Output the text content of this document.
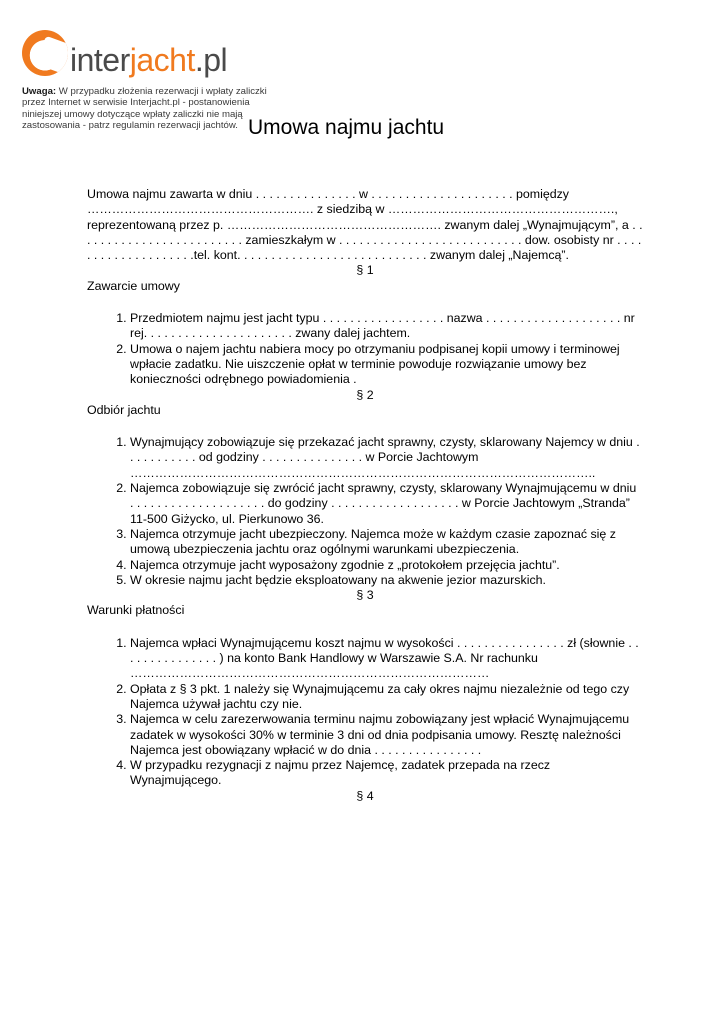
interjacht.pl
Uwaga: W przypadku złożenia rezerwacji i wpłaty zaliczki przez Internet w serwisie Interjacht.pl - postanowienia niniejszej umowy dotyczące wpłaty zaliczki nie mają zastosowania - patrz regulamin rezerwacji jachtów. Umowa najmu jachtu

Umowa najmu zawarta w dniu . . . . . . . . . . . . . . . w . . . . . . . . . . . . . . . . . . . . . pomiędzy ………………………………………………. z siedzibą w ………………………………………………., reprezentowaną przez p. ……………………………………………. zwanym dalej „Wynajmującym”, a . . . . . . . . . . . . . . . . . . . . . . . . . zamieszkałym w . . . . . . . . . . . . . . . . . . . . . . . . . . . dow. osobisty nr . . . . . . . . . . . . . . . . . . . .tel. kont. . . . . . . . . . . . . . . . . . . . . . . . . . . . zwanym dalej „Najemcą”.

§ 1

Zawarcie umowy

1. Przedmiotem najmu jest jacht typu . . . . . . . . . . . . . . . . . . nazwa . . . . . . . . . . . . . . . . . . . . nr rej. . . . . . . . . . . . . . . . . . . . . . zwany dalej jachtem.
2. Umowa o najem jachtu nabiera mocy po otrzymaniu podpisanej kopii umowy i terminowej wpłacie zadatku. Nie uiszczenie opłat w terminie powoduje rozwiązanie umowy bez konieczności odrębnego powiadomienia .

§ 2

Odbiór jachtu

1. Wynajmujący zobowiązuje się przekazać jacht sprawny, czysty, sklarowany Najemcy w dniu . . . . . . . . . . . od godziny . . . . . . . . . . . . . . . w Porcie Jachtowym …………………………………………………………………………………………………..
2. Najemca zobowiązuje się zwrócić jacht sprawny, czysty, sklarowany Wynajmującemu w dniu . . . . . . . . . . . . . . . . . . . . do godziny . . . . . . . . . . . . . . . . . . . w Porcie Jachtowym „Stranda” 11-500 Giżycko, ul. Pierkunowo 36.
3. Najemca otrzymuje jacht ubezpieczony. Najemca może w każdym czasie zapoznać się z umową ubezpieczenia jachtu oraz ogólnymi warunkami ubezpieczenia.
4. Najemca otrzymuje jacht wyposażony zgodnie z „protokołem przejęcia jachtu”.
5. W okresie najmu jacht będzie eksploatowany na akwenie jezior mazurskich.

§ 3

Warunki płatności

1. Najemca wpłaci Wynajmującemu koszt najmu w wysokości . . . . . . . . . . . . . . . . zł (słownie . . . . . . . . . . . . . . . ) na konto Bank Handlowy w Warszawie S.A. Nr rachunku ……………………………………………………………………………
2. Opłata z § 3 pkt. 1 należy się Wynajmującemu za cały okres najmu niezależnie od tego czy Najemca używał jachtu czy nie.
3. Najemca w celu zarezerwowania terminu najmu zobowiązany jest wpłacić Wynajmującemu zadatek w wysokości 30% w terminie 3 dni od dnia podpisania umowy. Resztę należności Najemca jest obowiązany wpłacić w do dnia . . . . . . . . . . . . . . . .
4. W przypadku rezygnacji z najmu przez Najemcę, zadatek przepada na rzecz Wynajmującego.

§ 4
